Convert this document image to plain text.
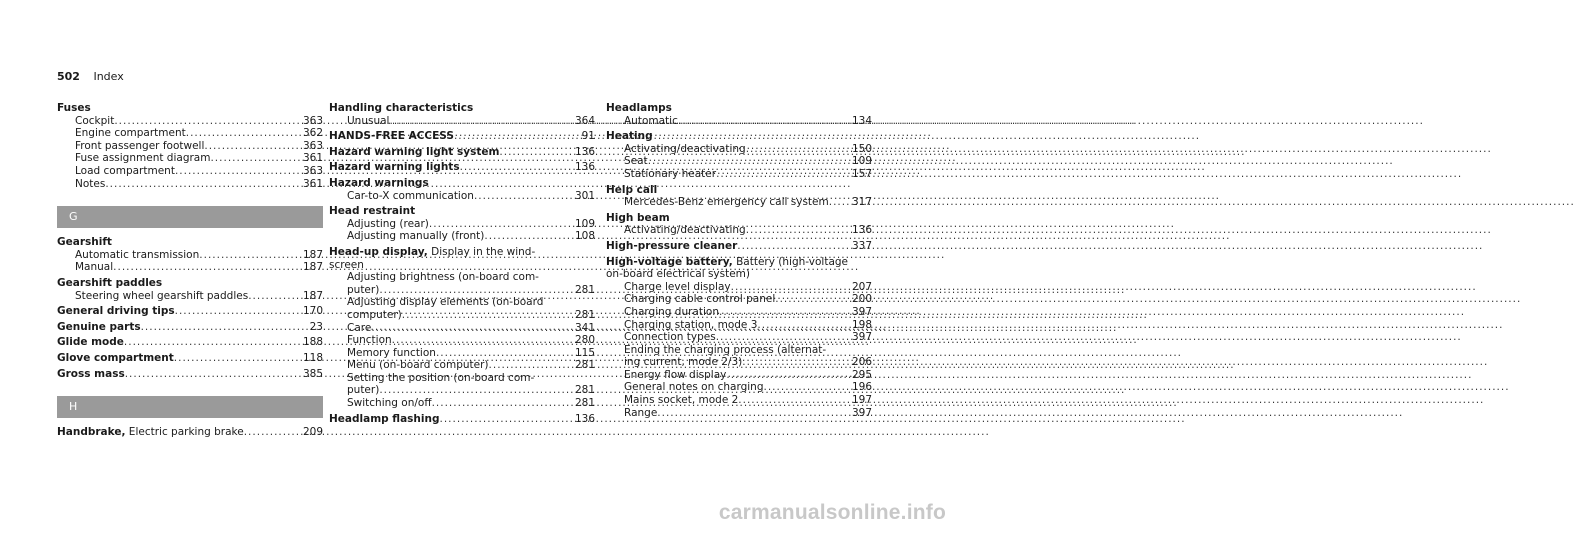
502 Index
Fuses
Cockpit .....	363
Engine compartment .....	362
Front passenger footwell .....	363
Fuse assignment diagram .....	361
Load compartment .....	363
Notes .....	361
G
Gearshift
Automatic transmission .....	187
Manual .....	187
Gearshift paddles
Steering wheel gearshift paddles .....	187
General driving tips .....	170
Genuine parts .....	23
Glide mode .....	188
Glove compartment .....	118
Gross mass .....	385
H
Handbrake, Electric parking brake .....	209
Handling characteristics
Unusual .....	364
HANDS-FREE ACCESS .....	91
Hazard warning light system .....	136
Hazard warning lights .....	136
Hazard warnings
Car-to-X communication .....	301
Head restraint
Adjusting (rear) .....	109
Adjusting manually (front) .....	108
Head-up display, Display in the wind-
screen
Adjusting brightness (on-board com-
puter) .....	281
Adjusting display elements (on-board
computer) .....	281
Care .....	341
Function .....	280
Memory function .....	115
Menu (on-board computer) .....	281
Setting the position (on-board com-
puter) .....	281
Switching on/off .....	281
Headlamp flashing .....	136
Headlamps
Automatic .....	134
Heating
Activating/deactivating .....	150
Seat .....	109
Stationary heater .....	157
Help call
Mercedes-Benz emergency call system ..... 317
High beam
Activating/deactivating .....	136
High-pressure cleaner .....	337
High-voltage battery, Battery (high-voltage
on-board electrical system)
Charge level display .....	207
Charging cable control panel .....	200
Charging duration .....	397
Charging station, mode 3 .....	198
Connection types .....	397
Ending the charging process (alternat-
ing current, mode 2/3) .....	206
Energy flow display .....	295
General notes on charging .....	196
Mains socket, mode 2 .....	197
Range .....	397
carmanualsonline.info
